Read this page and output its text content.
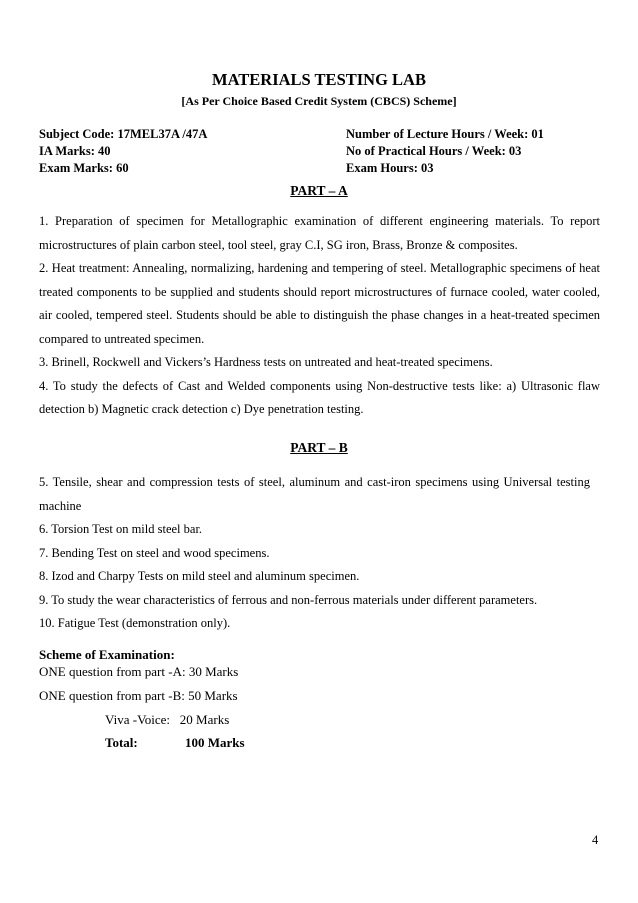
MATERIALS TESTING LAB
[As Per Choice Based Credit System (CBCS) Scheme]
Subject Code: 17MEL37A /47A
IA Marks: 40
Exam Marks: 60
Number of Lecture Hours / Week: 01
No of Practical Hours / Week: 03
Exam Hours: 03
PART – A

1. Preparation of specimen for Metallographic examination of different engineering materials. To report microstructures of plain carbon steel, tool steel, gray C.I, SG iron, Brass, Bronze & composites.

2. Heat treatment: Annealing, normalizing, hardening and tempering of steel. Metallographic specimens of heat treated components to be supplied and students should report microstructures of furnace cooled, water cooled, air cooled, tempered steel. Students should be able to distinguish the phase changes in a heat-treated specimen compared to untreated specimen.

3. Brinell, Rockwell and Vickers’s Hardness tests on untreated and heat-treated specimens.

4. To study the defects of Cast and Welded components using Non-destructive tests like: a) Ultrasonic flaw detection b) Magnetic crack detection c) Dye penetration testing.

PART – B

5. Tensile, shear and compression tests of steel, aluminum and cast-iron specimens using Universal testing machine

6. Torsion Test on mild steel bar.

7. Bending Test on steel and wood specimens.

8. Izod and Charpy Tests on mild steel and aluminum specimen.

9. To study the wear characteristics of ferrous and non-ferrous materials under different parameters.

10. Fatigue Test (demonstration only).

Scheme of Examination:
ONE question from part -A: 30 Marks
ONE question from part -B: 50 Marks
Viva -Voice:   20 Marks
Total:	100 Marks
4
